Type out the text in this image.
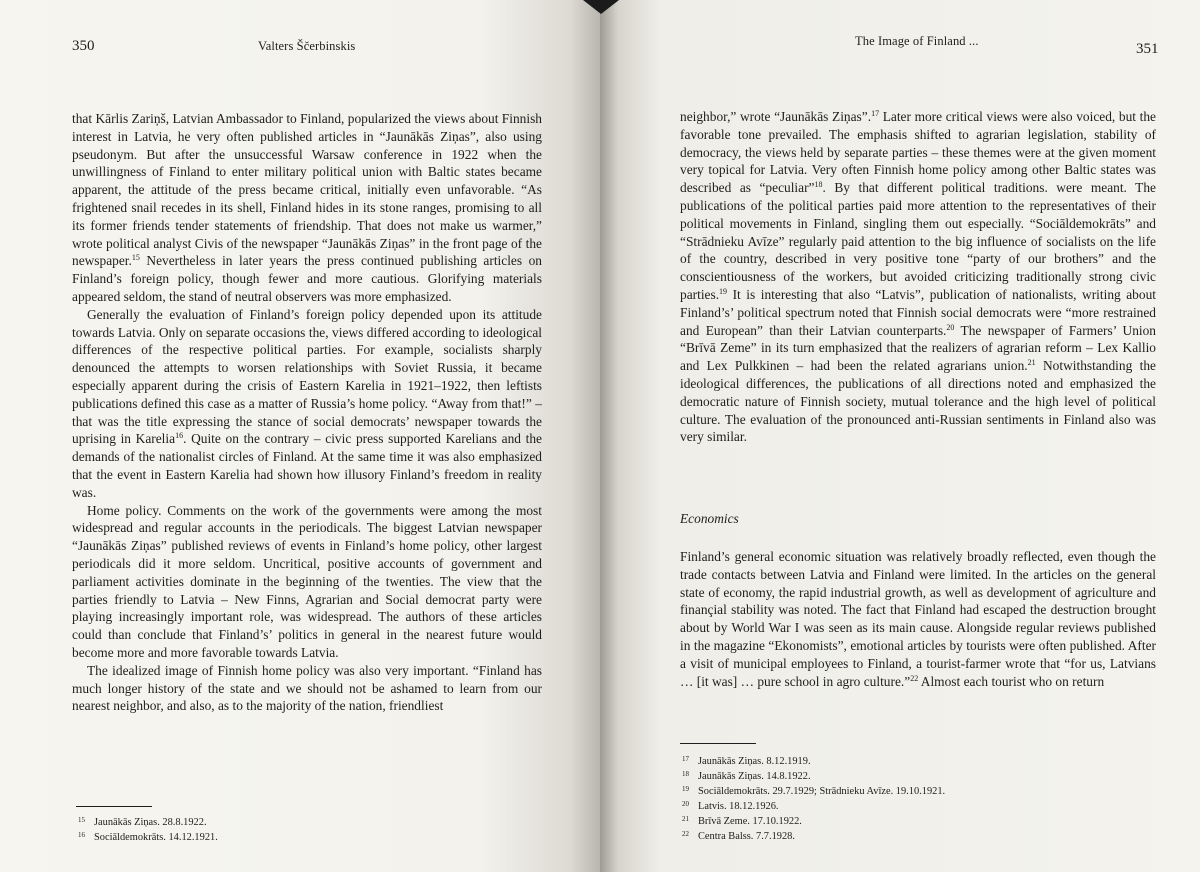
350	Valters Ščerbinskis

that Kārlis Zariņš, Latvian Ambassador to Finland, popularized the views about Finnish interest in Latvia, he very often published articles in “Jaunākās Ziņas”, also using pseudonym. But after the unsuccessful Warsaw conference in 1922 when the unwillingness of Finland to enter military political union with Baltic states became apparent, the attitude of the press became critical, initially even unfavorable. “As frightened snail recedes in its shell, Finland hides in its stone ranges, promising to all its former friends tender statements of friendship. That does not make us warmer,” wrote political analyst Civis of the newspaper “Jaunākās Ziņas” in the front page of the newspaper.$^{15}$ Nevertheless in later years the press continued publishing articles on Finland’s foreign policy, though fewer and more cautious. Glorifying materials appeared seldom, the stand of neutral observers was more emphasized.

Generally the evaluation of Finland’s foreign policy depended upon its attitude towards Latvia. Only on separate occasions the, views differed according to ideological differences of the respective political parties. For example, socialists sharply denounced the attempts to worsen relationships with Soviet Russia, it became especially apparent during the crisis of Eastern Karelia in 1921–1922, then leftists publications defined this case as a matter of Russia’s home policy. “Away from that!” – that was the title expressing the stance of social democrats’ newspaper towards the uprising in Karelia$^{16}$. Quite on the contrary – civic press supported Karelians and the demands of the nationalist circles of Finland. At the same time it was also emphasized that the event in Eastern Karelia had shown how illusory Finland’s freedom in reality was.

Home policy. Comments on the work of the governments were among the most widespread and regular accounts in the periodicals. The biggest Latvian newspaper “Jaunākās Ziņas” published reviews of events in Finland’s home policy, other largest periodicals did it more seldom. Uncritical, positive accounts of government and parliament activities dominate in the beginning of the twenties. The view that the parties friendly to Latvia – New Finns, Agrarian and Social democrat party were playing increasingly important role, was widespread. The authors of these articles could than conclude that Finland’s’ politics in general in the nearest future would become more and more favorable towards Latvia.

The idealized image of Finnish home policy was also very important. “Finland has much longer history of the state and we should not be ashamed to learn from our nearest neighbor, and also, as to the majority of the nation, friendliest

15 Jaunākās Ziņas. 28.8.1922.
16 Sociāldemokrāts. 14.12.1921.
The Image of Finland ...	351

neighbor,” wrote “Jaunākās Ziņas”.$^{17}$ Later more critical views were also voiced, but the favorable tone prevailed. The emphasis shifted to agrarian legislation, stability of democracy, the views held by separate parties – these themes were at the given moment very topical for Latvia. Very often Finnish home policy among other Baltic states was described as “peculiar”$^{18}$. By that different political traditions. were meant. The publications of the political parties paid more attention to the representatives of their political movements in Finland, singling them out especially. “Sociāldemokrāts” and “Strādnieku Avīze” regularly paid attention to the big influence of socialists on the life of the country, described in very positive tone “party of our brothers” and the conscientiousness of the workers, but avoided criticizing traditionally strong civic parties.$^{19}$ It is interesting that also “Latvis”, publication of nationalists, writing about Finland’s’ political spectrum noted that Finnish social democrats were “more restrained and European” than their Latvian counterparts.$^{20}$ The newspaper of Farmers’ Union “Brīvā Zeme” in its turn emphasized that the realizers of agrarian reform – Lex Kallio and Lex Pulkkinen – had been the related agrarians union.$^{21}$ Notwithstanding the ideological differences, the publications of all directions noted and emphasized the democratic nature of Finnish society, mutual tolerance and the high level of political culture. The evaluation of the pronounced anti-Russian sentiments in Finland also was very similar.

Economics

Finland’s general economic situation was relatively broadly reflected, even though the trade contacts between Latvia and Finland were limited. In the articles on the general state of economy, the rapid industrial growth, as well as development of agriculture and finançial stability was noted. The fact that Finland had escaped the destruction brought about by World War I was seen as its main cause. Alongside regular reviews published in the magazine “Ekonomists”, emotional articles by tourists were often published. After a visit of municipal employees to Finland, a tourist-farmer wrote that “for us, Latvians … [it was] … pure school in agro culture.”$^{22}$ Almost each tourist who on return

17 Jaunākās Ziņas. 8.12.1919.
18 Jaunākās Ziņas. 14.8.1922.
19 Sociāldemokrāts. 29.7.1929; Strādnieku Avīze. 19.10.1921.
20 Latvis. 18.12.1926.
21 Brīvā Zeme. 17.10.1922.
22 Centra Balss. 7.7.1928.
